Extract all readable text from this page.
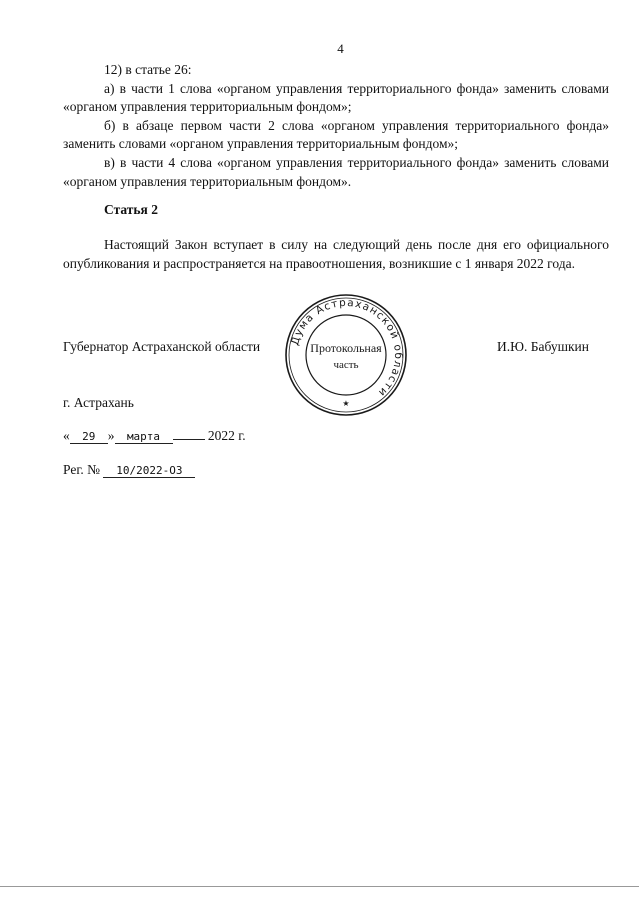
4

12) в статье 26:

а) в части 1 слова «органом управления территориального фонда» заменить словами «органом управления территориальным фондом»;

б) в абзаце первом части 2 слова «органом управления территориального фонда» заменить словами «органом управления территориальным фондом»;

в) в части 4 слова «органом управления территориального фонда» заменить словами «органом управления территориальным фондом».

Статья 2

Настоящий Закон вступает в силу на следующий день после дня его официального опубликования и распространяется на правоотношения, возникшие с 1 января 2022 года.

Губернатор Астраханской области	И.Ю. Бабушкин
Дума Астраханской области
Протокольная
часть
★
г. Астрахань
« 29 » марта	2022 г.
Рег. № 10/2022-ОЗ
